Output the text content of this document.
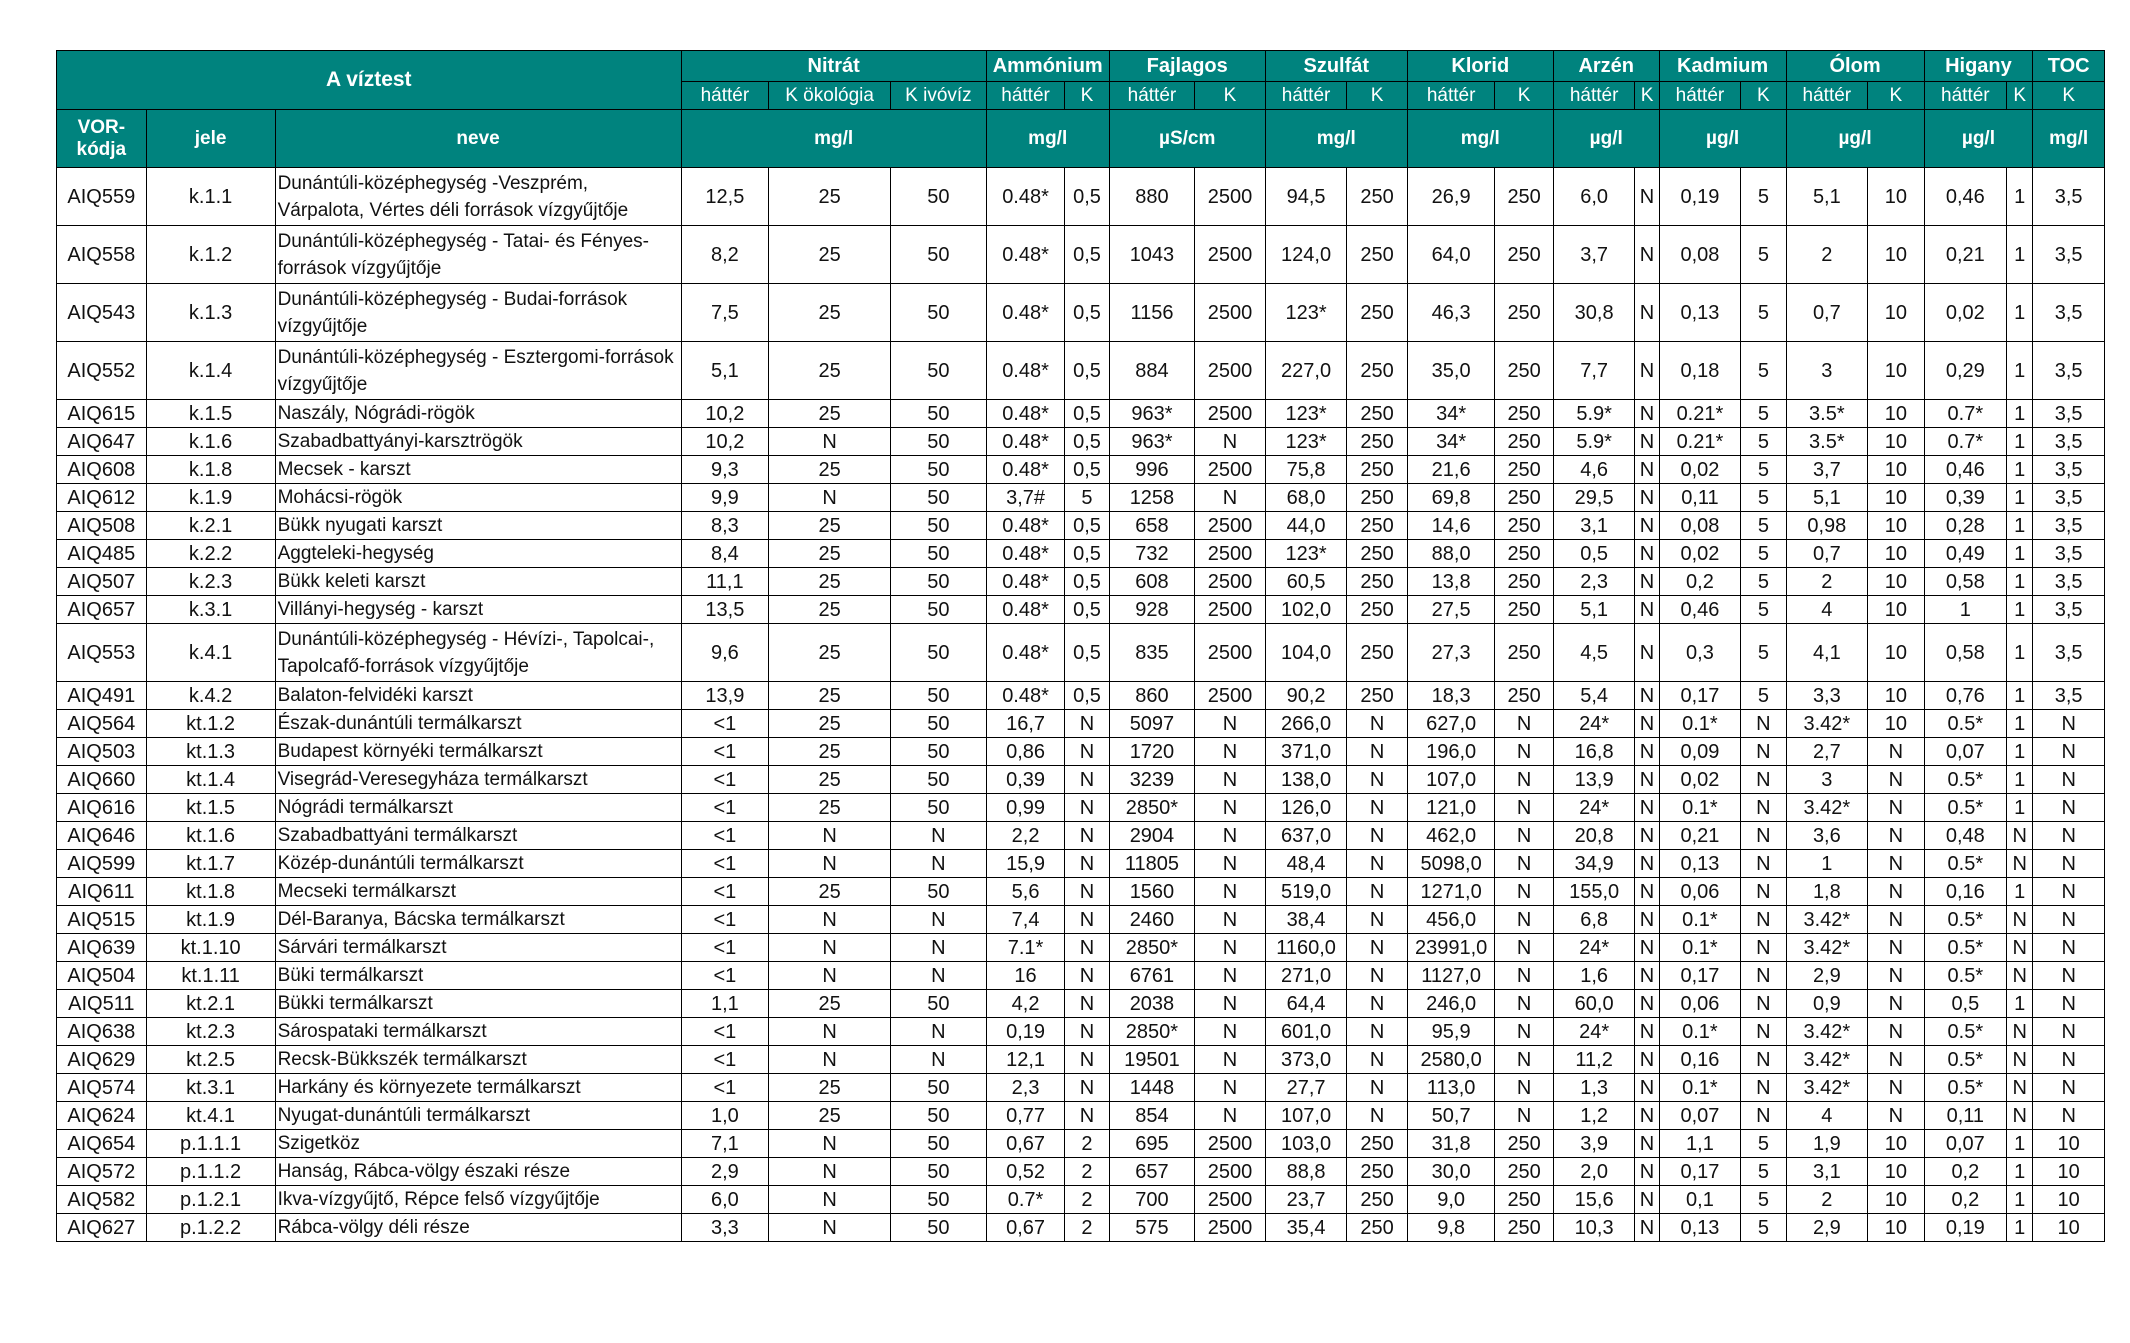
A víztest			Nitrát			Ammónium		Fajlagos		Szulfát		Klorid		Arzén		Kadmium		Ólom		Higany		TOC
			háttér	K ökológia	K ivóvíz	háttér	K	háttér	K	háttér	K	háttér	K	háttér	K	háttér	K	háttér	K	háttér	K	K
VOR-
kódja	jele	neve	mg/l			mg/l		µS/cm		mg/l		mg/l		µg/l		µg/l		µg/l		µg/l		mg/l
AIQ559	k.1.1	Dunántúli-középhegység -Veszprém, Várpalota, Vértes déli források vízgyűjtője	12,5	25	50	0.48*	0,5	880	2500	94,5	250	26,9	250	6,0	N	0,19	5	5,1	10	0,46	1	3,5
AIQ558	k.1.2	Dunántúli-középhegység - Tatai- és Fényes-források vízgyűjtője	8,2	25	50	0.48*	0,5	1043	2500	124,0	250	64,0	250	3,7	N	0,08	5	2	10	0,21	1	3,5
AIQ543	k.1.3	Dunántúli-középhegység - Budai-források vízgyűjtője	7,5	25	50	0.48*	0,5	1156	2500	123*	250	46,3	250	30,8	N	0,13	5	0,7	10	0,02	1	3,5
AIQ552	k.1.4	Dunántúli-középhegység - Esztergomi-források vízgyűjtője	5,1	25	50	0.48*	0,5	884	2500	227,0	250	35,0	250	7,7	N	0,18	5	3	10	0,29	1	3,5
AIQ615	k.1.5	Naszály, Nógrádi-rögök	10,2	25	50	0.48*	0,5	963*	2500	123*	250	34*	250	5.9*	N	0.21*	5	3.5*	10	0.7*	1	3,5
AIQ647	k.1.6	Szabadbattyányi-karsztrögök	10,2	N	50	0.48*	0,5	963*	N	123*	250	34*	250	5.9*	N	0.21*	5	3.5*	10	0.7*	1	3,5
AIQ608	k.1.8	Mecsek - karszt	9,3	25	50	0.48*	0,5	996	2500	75,8	250	21,6	250	4,6	N	0,02	5	3,7	10	0,46	1	3,5
AIQ612	k.1.9	Mohácsi-rögök	9,9	N	50	3,7#	5	1258	N	68,0	250	69,8	250	29,5	N	0,11	5	5,1	10	0,39	1	3,5
AIQ508	k.2.1	Bükk nyugati karszt	8,3	25	50	0.48*	0,5	658	2500	44,0	250	14,6	250	3,1	N	0,08	5	0,98	10	0,28	1	3,5
AIQ485	k.2.2	Aggteleki-hegység	8,4	25	50	0.48*	0,5	732	2500	123*	250	88,0	250	0,5	N	0,02	5	0,7	10	0,49	1	3,5
AIQ507	k.2.3	Bükk keleti karszt	11,1	25	50	0.48*	0,5	608	2500	60,5	250	13,8	250	2,3	N	0,2	5	2	10	0,58	1	3,5
AIQ657	k.3.1	Villányi-hegység - karszt	13,5	25	50	0.48*	0,5	928	2500	102,0	250	27,5	250	5,1	N	0,46	5	4	10	1	1	3,5
AIQ553	k.4.1	Dunántúli-középhegység - Hévízi-, Tapolcai-, Tapolcafő-források vízgyűjtője	9,6	25	50	0.48*	0,5	835	2500	104,0	250	27,3	250	4,5	N	0,3	5	4,1	10	0,58	1	3,5
AIQ491	k.4.2	Balaton-felvidéki karszt	13,9	25	50	0.48*	0,5	860	2500	90,2	250	18,3	250	5,4	N	0,17	5	3,3	10	0,76	1	3,5
AIQ564	kt.1.2	Észak-dunántúli termálkarszt	<1	25	50	16,7	N	5097	N	266,0	N	627,0	N	24*	N	0.1*	N	3.42*	10	0.5*	1	N
AIQ503	kt.1.3	Budapest környéki termálkarszt	<1	25	50	0,86	N	1720	N	371,0	N	196,0	N	16,8	N	0,09	N	2,7	N	0,07	1	N
AIQ660	kt.1.4	Visegrád-Veresegyháza termálkarszt	<1	25	50	0,39	N	3239	N	138,0	N	107,0	N	13,9	N	0,02	N	3	N	0.5*	1	N
AIQ616	kt.1.5	Nógrádi termálkarszt	<1	25	50	0,99	N	2850*	N	126,0	N	121,0	N	24*	N	0.1*	N	3.42*	N	0.5*	1	N
AIQ646	kt.1.6	Szabadbattyáni termálkarszt	<1	N	N	2,2	N	2904	N	637,0	N	462,0	N	20,8	N	0,21	N	3,6	N	0,48	N	N
AIQ599	kt.1.7	Közép-dunántúli termálkarszt	<1	N	N	15,9	N	11805	N	48,4	N	5098,0	N	34,9	N	0,13	N	1	N	0.5*	N	N
AIQ611	kt.1.8	Mecseki termálkarszt	<1	25	50	5,6	N	1560	N	519,0	N	1271,0	N	155,0	N	0,06	N	1,8	N	0,16	1	N
AIQ515	kt.1.9	Dél-Baranya, Bácska termálkarszt	<1	N	N	7,4	N	2460	N	38,4	N	456,0	N	6,8	N	0.1*	N	3.42*	N	0.5*	N	N
AIQ639	kt.1.10	Sárvári termálkarszt	<1	N	N	7.1*	N	2850*	N	1160,0	N	23991,0	N	24*	N	0.1*	N	3.42*	N	0.5*	N	N
AIQ504	kt.1.11	Büki termálkarszt	<1	N	N	16	N	6761	N	271,0	N	1127,0	N	1,6	N	0,17	N	2,9	N	0.5*	N	N
AIQ511	kt.2.1	Bükki termálkarszt	1,1	25	50	4,2	N	2038	N	64,4	N	246,0	N	60,0	N	0,06	N	0,9	N	0,5	1	N
AIQ638	kt.2.3	Sárospataki termálkarszt	<1	N	N	0,19	N	2850*	N	601,0	N	95,9	N	24*	N	0.1*	N	3.42*	N	0.5*	N	N
AIQ629	kt.2.5	Recsk-Bükkszék termálkarszt	<1	N	N	12,1	N	19501	N	373,0	N	2580,0	N	11,2	N	0,16	N	3.42*	N	0.5*	N	N
AIQ574	kt.3.1	Harkány és környezete termálkarszt	<1	25	50	2,3	N	1448	N	27,7	N	113,0	N	1,3	N	0.1*	N	3.42*	N	0.5*	N	N
AIQ624	kt.4.1	Nyugat-dunántúli termálkarszt	1,0	25	50	0,77	N	854	N	107,0	N	50,7	N	1,2	N	0,07	N	4	N	0,11	N	N
AIQ654	p.1.1.1	Szigetköz	7,1	N	50	0,67	2	695	2500	103,0	250	31,8	250	3,9	N	1,1	5	1,9	10	0,07	1	10
AIQ572	p.1.1.2	Hanság, Rábca-völgy északi része	2,9	N	50	0,52	2	657	2500	88,8	250	30,0	250	2,0	N	0,17	5	3,1	10	0,2	1	10
AIQ582	p.1.2.1	Ikva-vízgyűjtő, Répce felső vízgyűjtője	6,0	N	50	0.7*	2	700	2500	23,7	250	9,0	250	15,6	N	0,1	5	2	10	0,2	1	10
AIQ627	p.1.2.2	Rábca-völgy déli része	3,3	N	50	0,67	2	575	2500	35,4	250	9,8	250	10,3	N	0,13	5	2,9	10	0,19	1	10
